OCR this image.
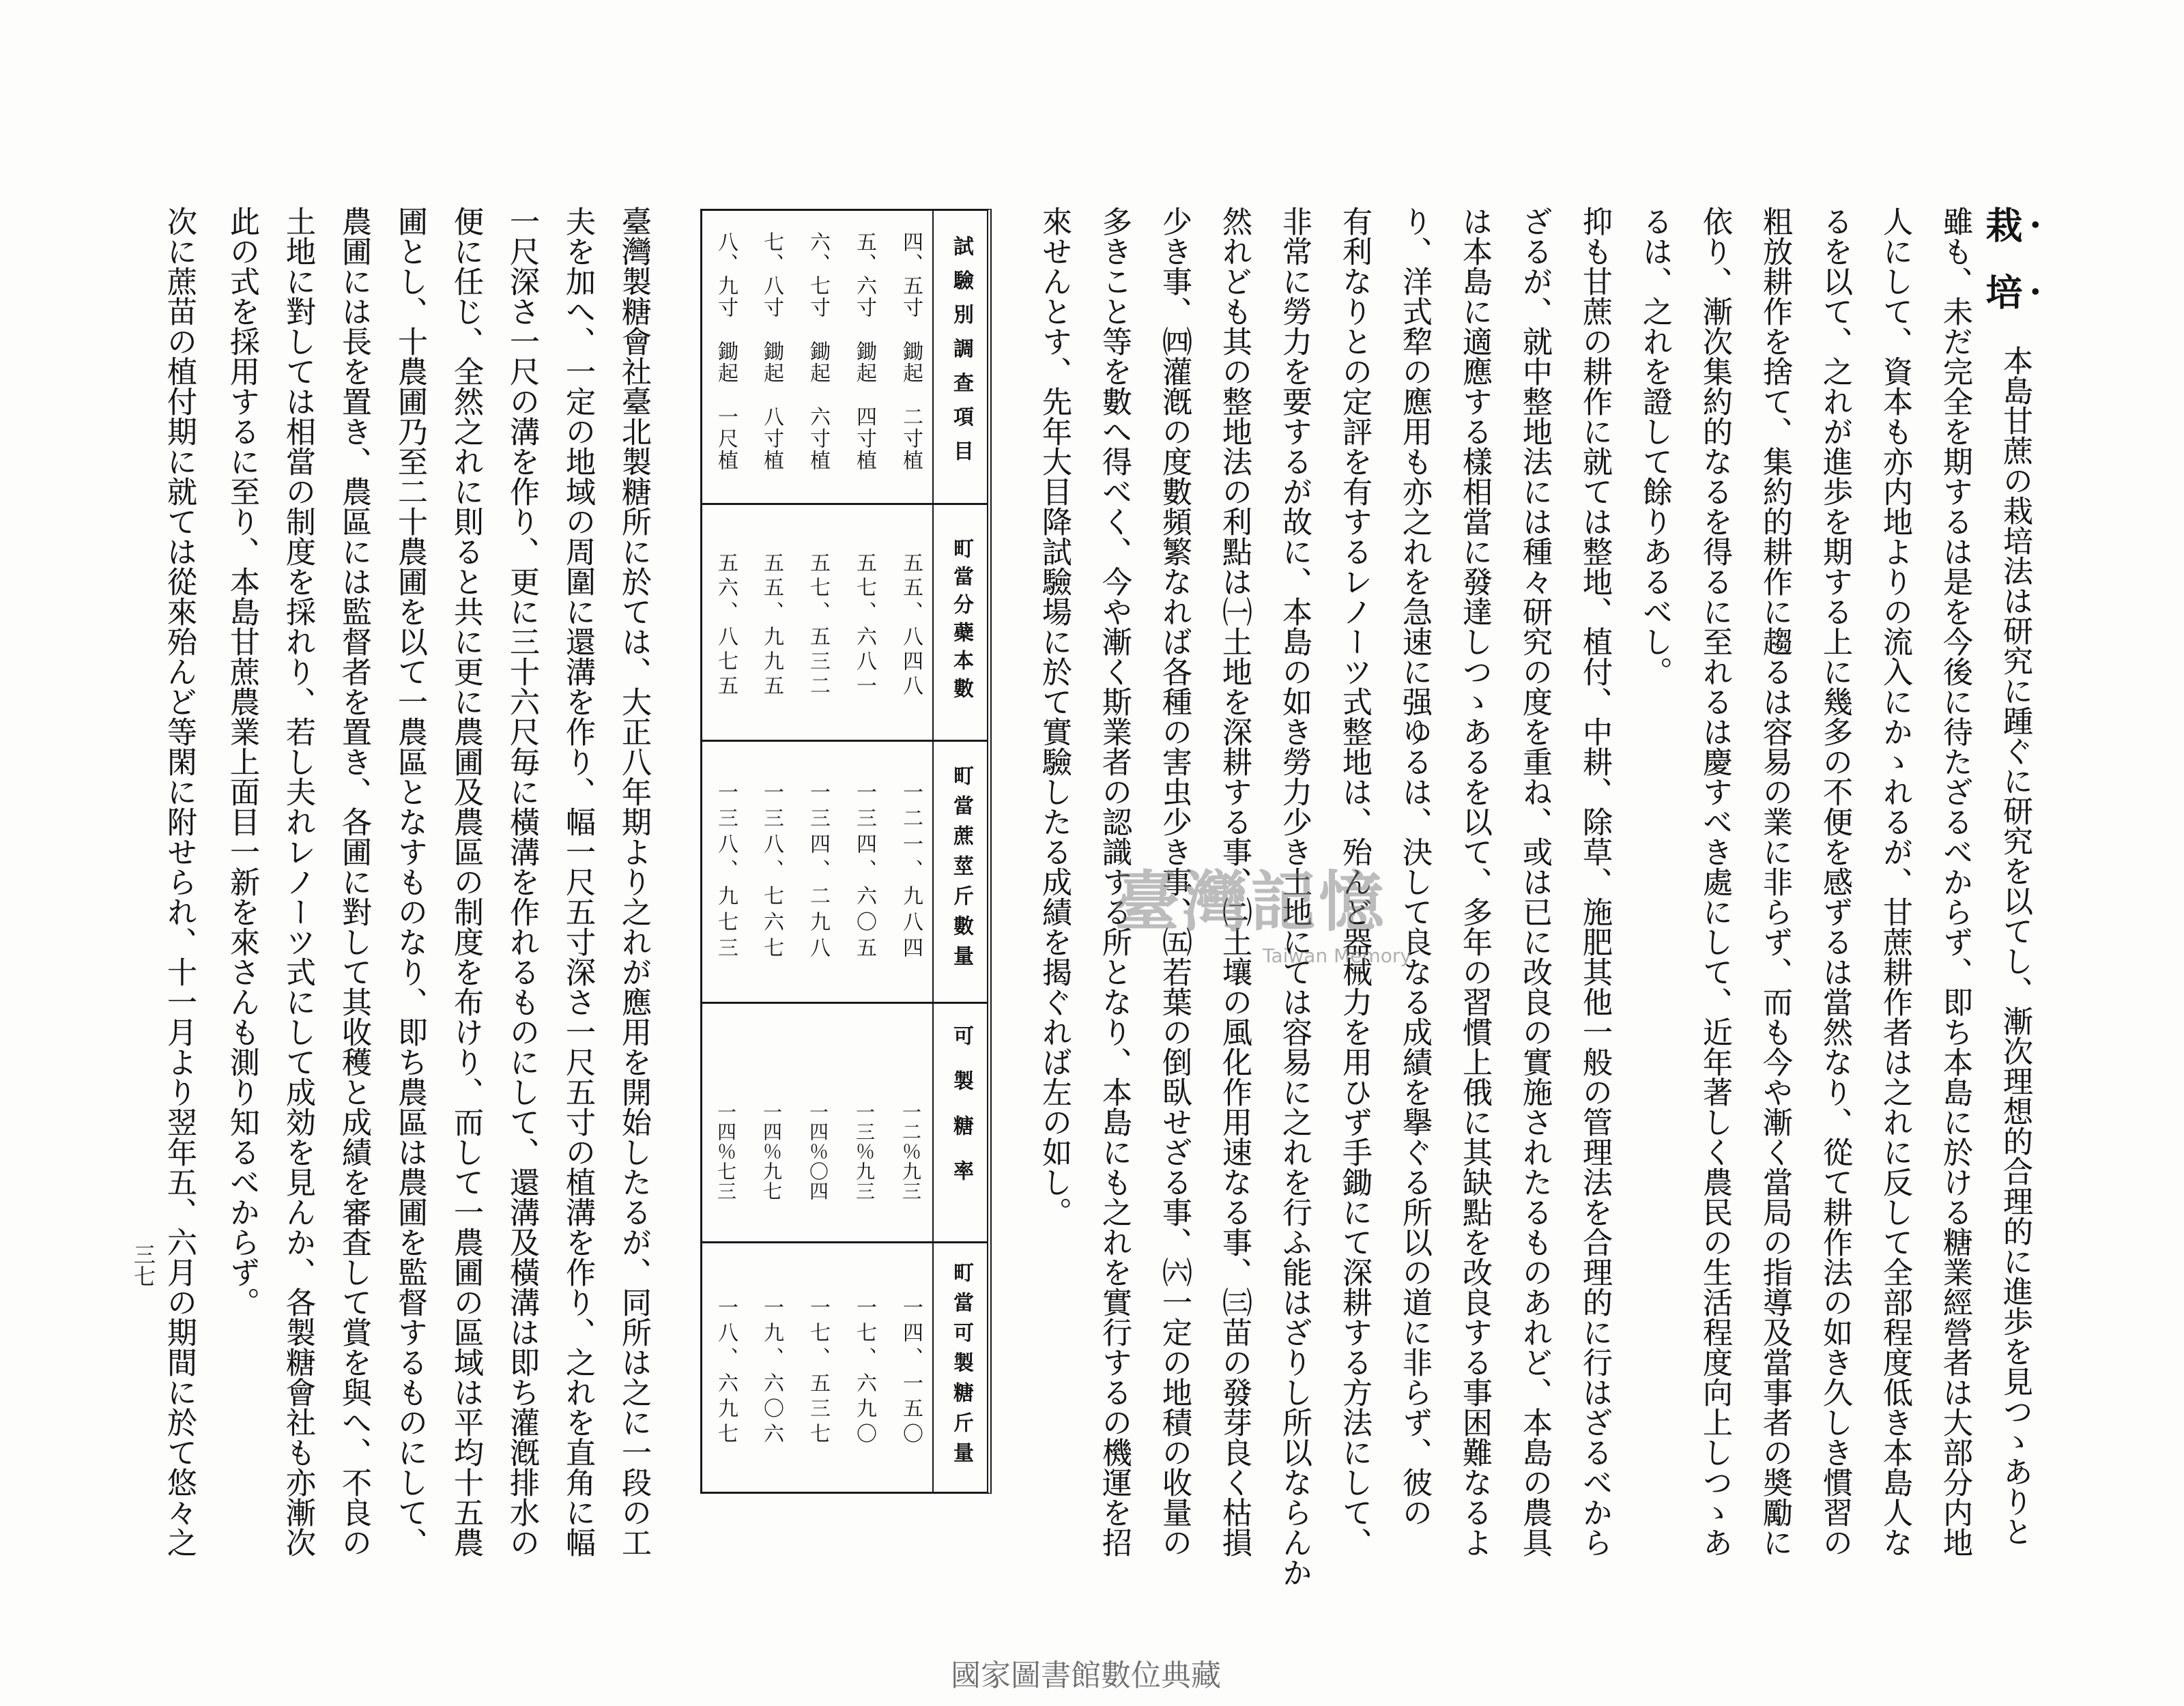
栽培
本島甘蔗の栽培法は研究に踵ぐに研究を以てし、漸次理想的合理的に進歩を見つゝありと
雖も、未だ完全を期するは是を今後に待たざるべからず、即ち本島に於ける糖業經營者は大部分内地
人にして、資本も亦内地よりの流入にかゝれるが、甘蔗耕作者は之れに反して全部程度低き本島人な
るを以て、之れが進歩を期する上に幾多の不便を感ずるは當然なり、從て耕作法の如き久しき慣習の
粗放耕作を捨て、集約的耕作に趨るは容易の業に非らず、而も今や漸く當局の指導及當事者の奬勵に
依り、漸次集約的なるを得るに至れるは慶すべき處にして、近年著しく農民の生活程度向上しつゝあ
るは、之れを證して餘りあるべし。
抑も甘蔗の耕作に就ては整地、植付、中耕、除草、施肥其他一般の管理法を合理的に行はざるべから
ざるが、就中整地法には種々研究の度を重ね、或は已に改良の實施されたるものあれど、本島の農具
は本島に適應する樣相當に發達しつゝあるを以て、多年の習慣上俄に其缺點を改良する事困難なるよ
り、洋式犂の應用も亦之れを急速に强ゆるは、決して良なる成績を擧ぐる所以の道に非らず、彼の
有利なりとの定評を有するレノーツ式整地は、殆んど器械力を用ひず手鋤にて深耕する方法にして、
非常に勞力を要するが故に、本島の如き勞力少き土地にては容易に之れを行ふ能はざりし所以ならんか
然れども其の整地法の利點は㈠土地を深耕する事、㈡土壤の風化作用速なる事、㈢苗の發芽良く枯損
少き事、㈣灌漑の度數頻繁なれば各種の害虫少き事、㈤若葉の倒臥せざる事、㈥一定の地積の收量の
多きこと等を數へ得べく、今や漸く斯業者の認識する所となり、本島にも之れを實行するの機運を招
來せんとす、先年大目降試驗場に於て實驗したる成績を揭ぐれば左の如し。
試驗別調查項目
町當分蘗本數
町當蔗莖斤數量
可製糖率
町當可製糖斤量
四、五寸　鋤起　二寸植
五五、八四八
一二一、九八四
一二％九三
一四、一五〇
五、六寸　鋤起　四寸植
五七、六八一
一三四、六〇五
一三％九三
一七、六九〇
六、七寸　鋤起　六寸植
五七、五三二
一三四、二九八
一四％〇四
一七、五三七
七、八寸　鋤起　八寸植
五五、九九五
一三八、七六七
一四％九七
一九、六〇六
八、九寸　鋤起　一尺植
五六、八七五
一三八、九七三
一四％七三
一八、六九七
臺灣製糖會社臺北製糖所に於ては、大正八年期より之れが應用を開始したるが、同所は之に一段の工
夫を加へ、一定の地域の周圍に還溝を作り、幅一尺五寸深さ一尺五寸の植溝を作り、之れを直角に幅
一尺深さ一尺の溝を作り、更に三十六尺毎に橫溝を作れるものにして、還溝及橫溝は即ち灌漑排水の
便に任じ、全然之れに則ると共に更に農圃及農區の制度を布けり、而して一農圃の區域は平均十五農
圃とし、十農圃乃至二十農圃を以て一農區となすものなり、即ち農區は農圃を監督するものにして、
農圃には長を置き、農區には監督者を置き、各圃に對して其收穫と成績を審査して賞を與へ、不良の
土地に對しては相當の制度を採れり、若し夫れレノーツ式にして成効を見んか、各製糖會社も亦漸次
此の式を採用するに至り、本島甘蔗農業上面目一新を來さんも測り知るべからず。
次に蔗苗の植付期に就ては從來殆んど等閑に附せられ、十一月より翌年五、六月の期間に於て悠々之
三七
臺灣記憶
Taiwan Memory
國家圖書館數位典藏
